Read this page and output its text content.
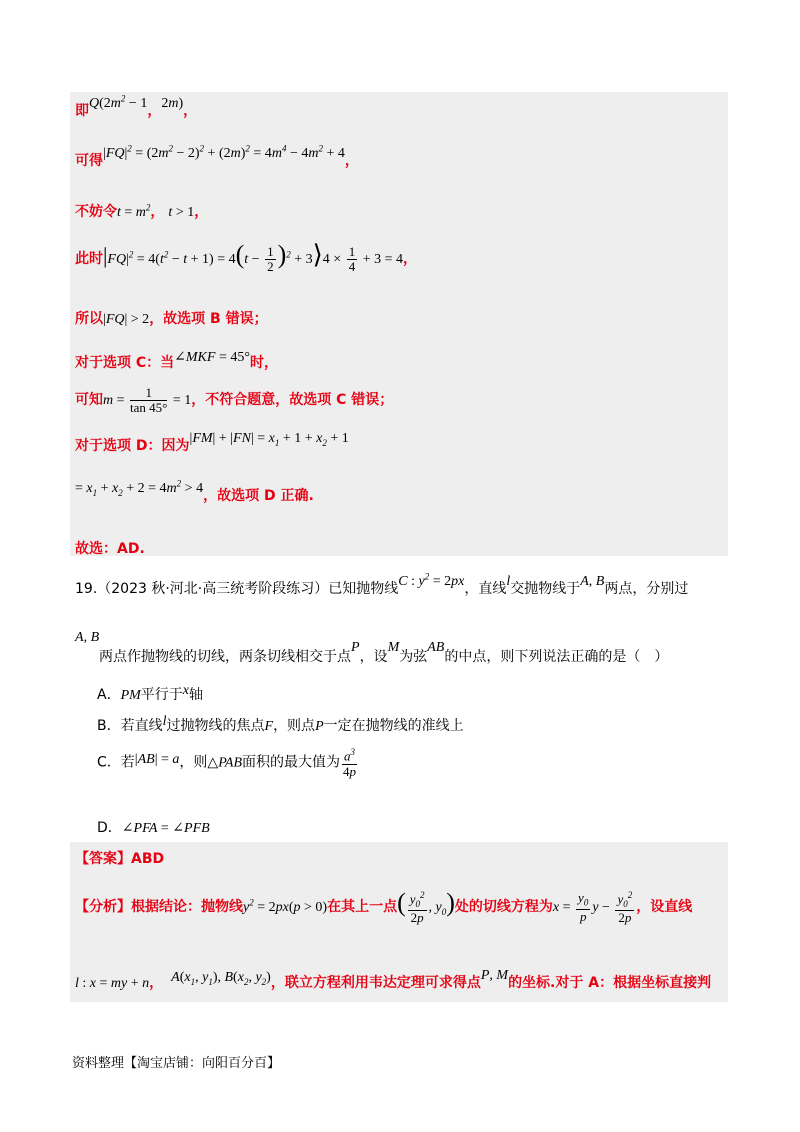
即$Q(2m^2 - 1$，2m)，
可得$|FQ|^2 = (2m^2 - 2)^2 + (2m)^2 = 4m^4 - 4m^2 + 4$，
不妨令$t = m^2$， t > 1，
此时$|FQ|^2 = 4(t^2 - t + 1) = 4(t - \frac{1}{2} )^2$ + 3⟩4 × $\frac{1}{4} + 3 = 4$，
所以|FQ| > 2，故选项 B 错误；
对于选项 C：当∠MKF = 45°时，
可知$m = \frac{1}{\tan 45^\circ} = 1$，不符合题意，故选项 C 错误；
对于选项 D：因为$|FM| + |FN| = x_1 + 1 + x_2 + 1$
= $x_1 + x_2 + 2 = 4m^2 > 4$，故选项 D 正确.
故选：AD.
19.（2023 秋·河北·高三统考阶段练习）已知抛物线C : $y^2 = 2px$，直线l交抛物线于A, B两点，分别过
A, B
两点作抛物线的切线，两条切线相交于点P，设M为弦AB的中点，则下列说法正确的是（　）
A．PM平行于x轴
B．若直线l过抛物线的焦点F，则点P一定在抛物线的准线上
C．若|AB| = a，则△PAB面积的最大值为 $\frac{a^3}{4p}$
D．∠PFA = ∠PFB
【答案】ABD
【分析】根据结论：抛物线$y^2 = 2px(p > 0)$在其上一点( $\frac{y_0^2}{2p}$ , $y_0$)处的切线方程为$x = \frac{y_0}{p}$ $y - \frac{y_0^2}{2p}$ ，设直线
l : x = my + n， $A(x_1$, $y_1$), $B(x_2$, $y_2$)，联立方程利用韦达定理可求得点P, M的坐标.对于 A：根据坐标直接判
资料整理【淘宝店铺：向阳百分百】
